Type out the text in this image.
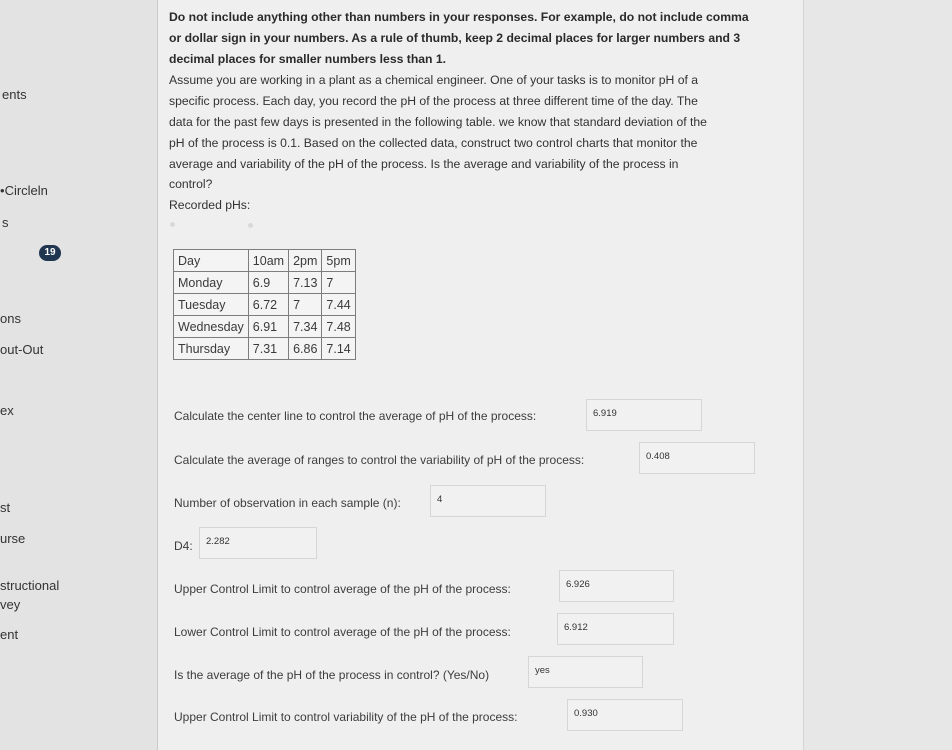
ents
•Circleln
s
19
ons
out-Out
ex
st
urse
structional
vey
ent
Do not include anything other than numbers in your responses. For example, do not include comma
or dollar sign in your numbers. As a rule of thumb, keep 2 decimal places for larger numbers and 3
decimal places for smaller numbers less than 1.
Assume you are working in a plant as a chemical engineer. One of your tasks is to monitor pH of a
specific process. Each day, you record the pH of the process at three different time of the day. The
data for the past few days is presented in the following table. we know that standard deviation of the
pH of the process is 0.1. Based on the collected data, construct two control charts that monitor the
average and variability of the pH of the process. Is the average and variability of the process in
control?
Recorded pHs:
Day	10am	2pm	5pm
Monday	6.9	7.13	7
Tuesday	6.72	7	7.44
Wednesday	6.91	7.34	7.48
Thursday	7.31	6.86	7.14
Calculate the center line to control the average of pH of the process:	6.919
Calculate the average of ranges to control the variability of pH of the process:	0.408
Number of observation in each sample (n):	4
D4:	2.282
Upper Control Limit to control average of the pH of the process:	6.926
Lower Control Limit to control average of the pH of the process:	6.912
Is the average of the pH of the process in control? (Yes/No)	yes
Upper Control Limit to control variability of the pH of the process:	0.930
